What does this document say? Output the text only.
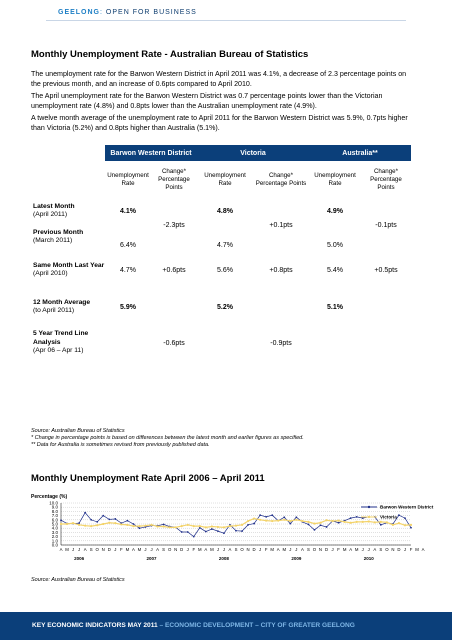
GEELONG: OPEN FOR BUSINESS
Monthly Unemployment Rate - Australian Bureau of Statistics
The unemployment rate for the Barwon Western District in April 2011 was 4.1%, a decrease of 2.3 percentage points on the previous month, and an increase of 0.6pts compared to April 2010.
The April unemployment rate for the Barwon Western District was 0.7 percentage points lower than the Victorian unemployment rate (4.8%) and 0.8pts lower than the Australian unemployment rate (4.9%).
A twelve month average of the unemployment rate to April 2011 for the Barwon Western District was 5.9%, 0.7pts higher than Victoria (5.2%) and 0.8pts higher than Australia (5.1%).
	Barwon Western District		Victoria		Australia**	
	Unemployment Rate	Change* Percentage Points	Unemployment Rate	Change* Percentage Points	Unemployment Rate	Change* Percentage Points
Latest Month
(April 2011)	4.1%	-2.3pts	4.8%	+0.1pts	4.9%	-0.1pts
Previous Month
(March 2011)	6.4%		4.7%		5.0%	
Same Month Last Year
(April 2010)	4.7%	+0.6pts	5.6%	+0.8pts	5.4%	+0.5pts
12 Month Average
(to April 2011)	5.9%		5.2%		5.1%	
5 Year Trend Line Analysis
(Apr 06 – Apr 11)		-0.6pts		-0.9pts		
Source: Australian Bureau of Statistics
* Change in percentage points is based on differences between the latest month and earlier figures as specified.
** Data for Australia is sometimes revised from previously published data.
Monthly Unemployment Rate April 2006 – April 2011
Percentage (%)
0.0
1.0
2.0
3.0
4.0
5.0
6.0
7.0
8.0
9.0
10.0
A M J J A S O N D J F M A M J J A S O N D J F M A M J J A S O N D J F M A M J J A S O N D J F M A M J J A S O N D J F M A
2006	2007	2008	2009	2010
Barwon Western District
Victoria
Source: Australian Bureau of Statistics
KEY ECONOMIC INDICATORS MAY 2011 – ECONOMIC DEVELOPMENT – CITY OF GREATER GEELONG
